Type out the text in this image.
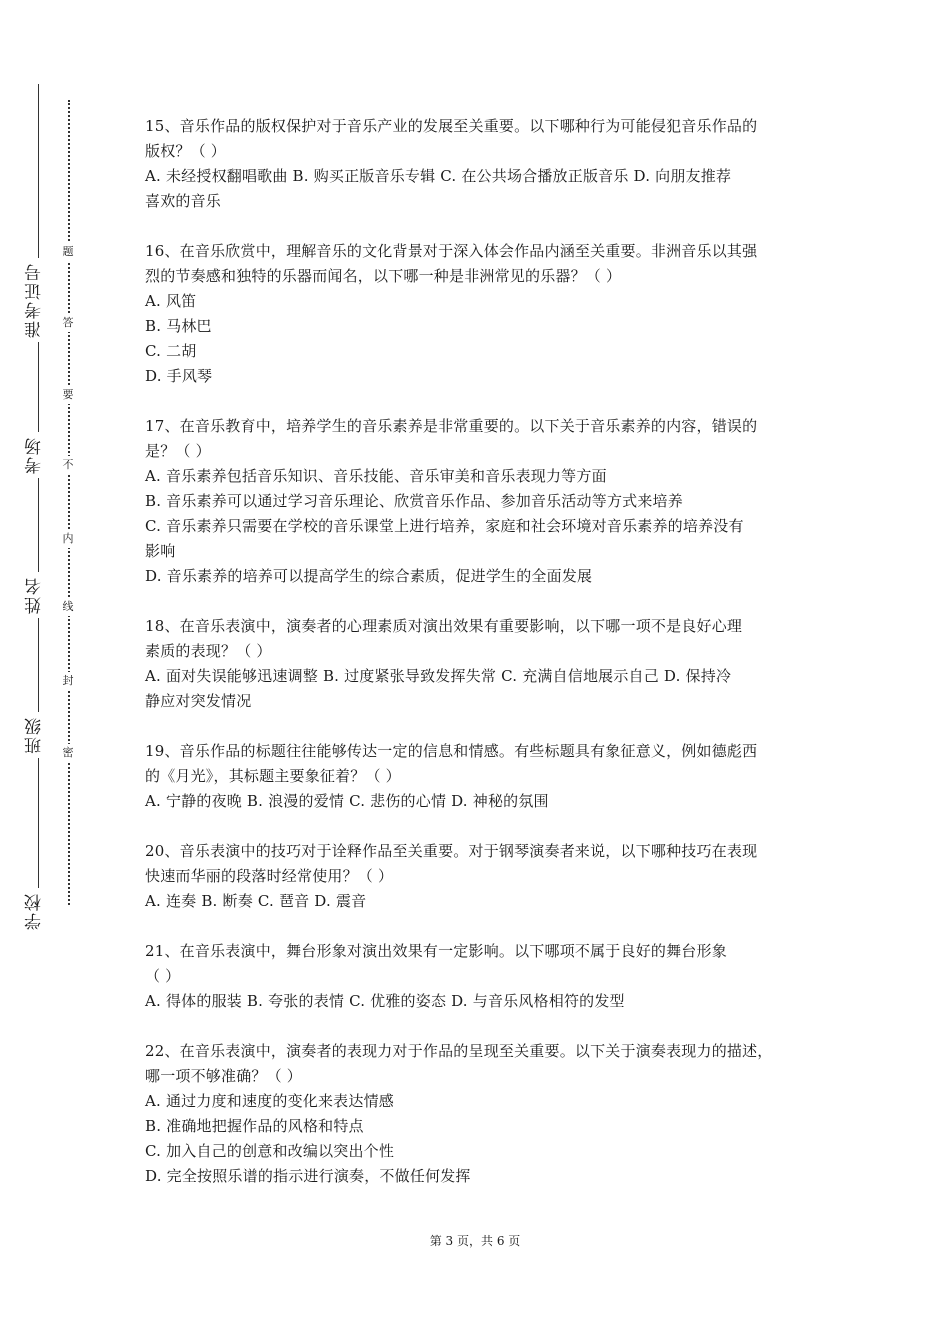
学校
班级
姓名
考场
准考证号
密
封
线
内
不
要
答
题
15、音乐作品的版权保护对于音乐产业的发展至关重要。以下哪种行为可能侵犯音乐作品的
版权？（ ）
A. 未经授权翻唱歌曲 B. 购买正版音乐专辑 C. 在公共场合播放正版音乐 D. 向朋友推荐
喜欢的音乐
16、在音乐欣赏中，理解音乐的文化背景对于深入体会作品内涵至关重要。非洲音乐以其强
烈的节奏感和独特的乐器而闻名，以下哪一种是非洲常见的乐器？（ ）
A. 风笛
B. 马林巴
C. 二胡
D. 手风琴
17、在音乐教育中，培养学生的音乐素养是非常重要的。以下关于音乐素养的内容，错误的
是？（ ）
A. 音乐素养包括音乐知识、音乐技能、音乐审美和音乐表现力等方面
B. 音乐素养可以通过学习音乐理论、欣赏音乐作品、参加音乐活动等方式来培养
C. 音乐素养只需要在学校的音乐课堂上进行培养，家庭和社会环境对音乐素养的培养没有
影响
D. 音乐素养的培养可以提高学生的综合素质，促进学生的全面发展
18、在音乐表演中，演奏者的心理素质对演出效果有重要影响，以下哪一项不是良好心理
素质的表现？（ ）
A. 面对失误能够迅速调整 B. 过度紧张导致发挥失常 C. 充满自信地展示自己 D. 保持冷
静应对突发情况
19、音乐作品的标题往往能够传达一定的信息和情感。有些标题具有象征意义，例如德彪西
的《月光》，其标题主要象征着？（ ）
A. 宁静的夜晚 B. 浪漫的爱情 C. 悲伤的心情 D. 神秘的氛围
20、音乐表演中的技巧对于诠释作品至关重要。对于钢琴演奏者来说，以下哪种技巧在表现
快速而华丽的段落时经常使用？（ ）
A. 连奏 B. 断奏 C. 琶音 D. 震音
21、在音乐表演中，舞台形象对演出效果有一定影响。以下哪项不属于良好的舞台形象
（ ）
A. 得体的服装 B. 夸张的表情 C. 优雅的姿态 D. 与音乐风格相符的发型
22、在音乐表演中，演奏者的表现力对于作品的呈现至关重要。以下关于演奏表现力的描述，
哪一项不够准确？（ ）
A. 通过力度和速度的变化来表达情感
B. 准确地把握作品的风格和特点
C. 加入自己的创意和改编以突出个性
D. 完全按照乐谱的指示进行演奏，不做任何发挥
第 3 页，共 6 页
